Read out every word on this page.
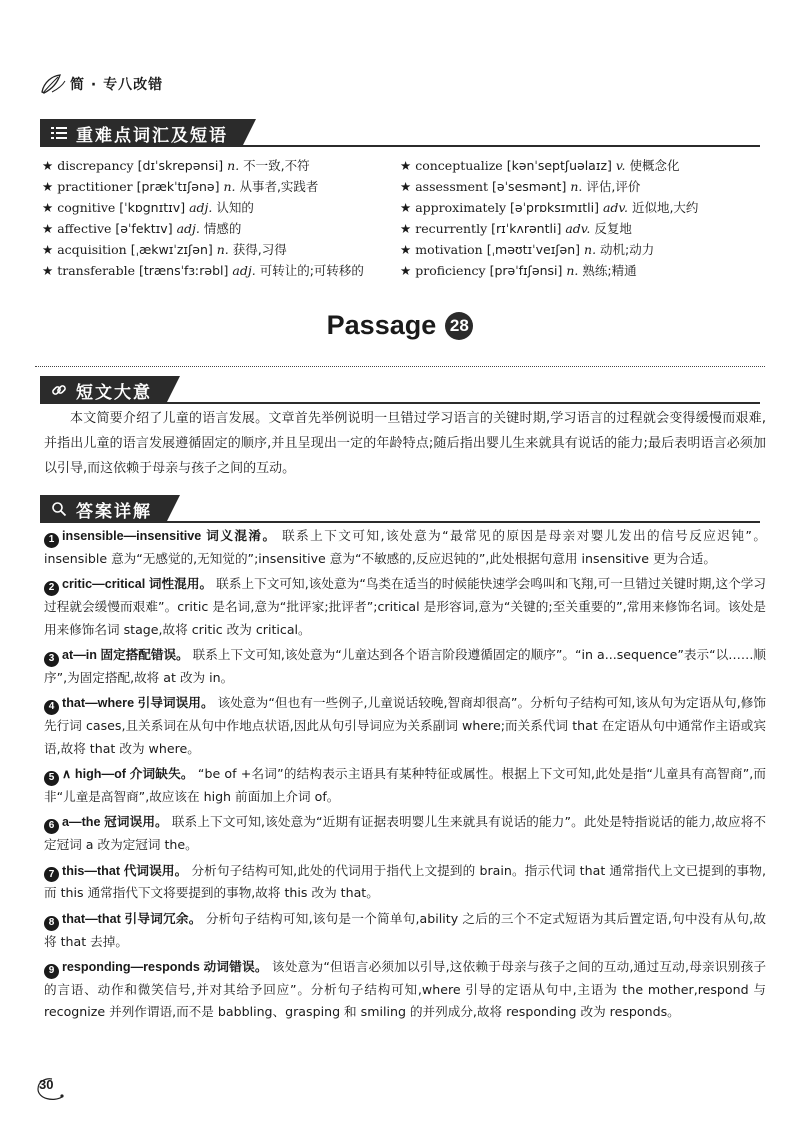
简 · 专八改错
重难点词汇及短语
★ discrepancy [dɪˈskrepənsi] n. 不一致,不符
★ practitioner [prækˈtɪʃənə] n. 从事者,实践者
★ cognitive [ˈkɒgnɪtɪv] adj. 认知的
★ affective [əˈfektɪv] adj. 情感的
★ acquisition [ˌækwɪˈzɪʃən] n. 获得,习得
★ transferable [trænsˈfɜːrəbl] adj. 可转让的;可转移的
★ conceptualize [kənˈseptʃuəlaɪz] v. 使概念化
★ assessment [əˈsesmənt] n. 评估,评价
★ approximately [əˈprɒksɪmɪtli] adv. 近似地,大约
★ recurrently [rɪˈkʌrəntli] adv. 反复地
★ motivation [ˌməʊtɪˈveɪʃən] n. 动机;动力
★ proficiency [prəˈfɪʃənsi] n. 熟练;精通
Passage 28
短文大意
本文简要介绍了儿童的语言发展。文章首先举例说明一旦错过学习语言的关键时期,学习语言的过程就会变得缓慢而艰难,并指出儿童的语言发展遵循固定的顺序,并且呈现出一定的年龄特点;随后指出婴儿生来就具有说话的能力;最后表明语言必须加以引导,而这依赖于母亲与孩子之间的互动。
答案详解

1 insensible—insensitive 词义混淆。 联系上下文可知,该处意为“最常见的原因是母亲对婴儿发出的信号反应迟钝”。insensible 意为“无感觉的,无知觉的”;insensitive 意为“不敏感的,反应迟钝的”,此处根据句意用 insensitive 更为合适。

2 critic—critical 词性混用。 联系上下文可知,该处意为“鸟类在适当的时候能快速学会鸣叫和飞翔,可一旦错过关键时期,这个学习过程就会缓慢而艰难”。critic 是名词,意为“批评家;批评者”;critical 是形容词,意为“关键的;至关重要的”,常用来修饰名词。该处是用来修饰名词 stage,故将 critic 改为 critical。

3 at—in 固定搭配错误。 联系上下文可知,该处意为“儿童达到各个语言阶段遵循固定的顺序”。“in a...sequence”表示“以……顺序”,为固定搭配,故将 at 改为 in。

4 that—where 引导词误用。 该处意为“但也有一些例子,儿童说话较晚,智商却很高”。分析句子结构可知,该从句为定语从句,修饰先行词 cases,且关系词在从句中作地点状语,因此从句引导词应为关系副词 where;而关系代词 that 在定语从句中通常作主语或宾语,故将 that 改为 where。

5 ∧ high—of 介词缺失。 “be of +名词”的结构表示主语具有某种特征或属性。根据上下文可知,此处是指“儿童具有高智商”,而非“儿童是高智商”,故应该在 high 前面加上介词 of。

6 a—the 冠词误用。 联系上下文可知,该处意为“近期有证据表明婴儿生来就具有说话的能力”。此处是特指说话的能力,故应将不定冠词 a 改为定冠词 the。

7 this—that 代词误用。 分析句子结构可知,此处的代词用于指代上文提到的 brain。指示代词 that 通常指代上文已提到的事物,而 this 通常指代下文将要提到的事物,故将 this 改为 that。

8 that—that 引导词冗余。 分析句子结构可知,该句是一个简单句,ability 之后的三个不定式短语为其后置定语,句中没有从句,故将 that 去掉。

9 responding—responds 动词错误。 该处意为“但语言必须加以引导,这依赖于母亲与孩子之间的互动,通过互动,母亲识别孩子的言语、动作和微笑信号,并对其给予回应”。分析句子结构可知,where 引导的定语从句中,主语为 the mother,respond 与 recognize 并列作谓语,而不是 babbling、grasping 和 smiling 的并列成分,故将 responding 改为 responds。

30
